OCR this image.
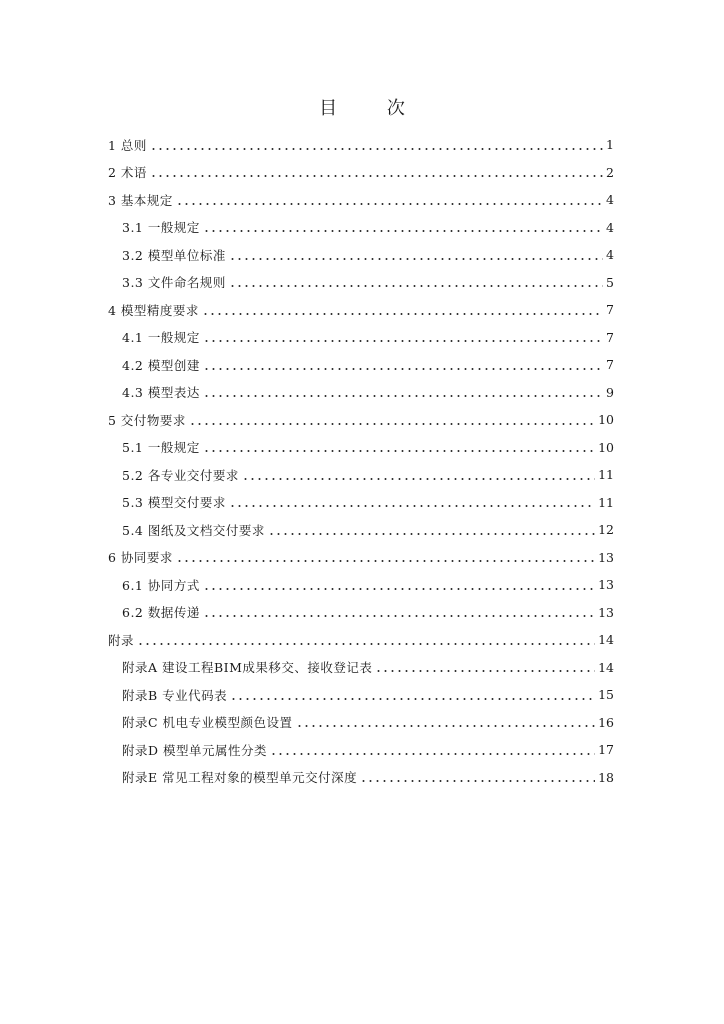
目 次
1 总则	1
2 术语	2
3 基本规定	4
3.1 一般规定	4
3.2 模型单位标准	4
3.3 文件命名规则	5
4 模型精度要求	7
4.1 一般规定	7
4.2 模型创建	7
4.3 模型表达	9
5 交付物要求	10
5.1 一般规定	10
5.2 各专业交付要求	11
5.3 模型交付要求	11
5.4 图纸及文档交付要求	12
6 协同要求	13
6.1 协同方式	13
6.2 数据传递	13
附录	14
附录A 建设工程BIM成果移交、接收登记表	14
附录B 专业代码表	15
附录C 机电专业模型颜色设置	16
附录D 模型单元属性分类	17
附录E 常见工程对象的模型单元交付深度	18
